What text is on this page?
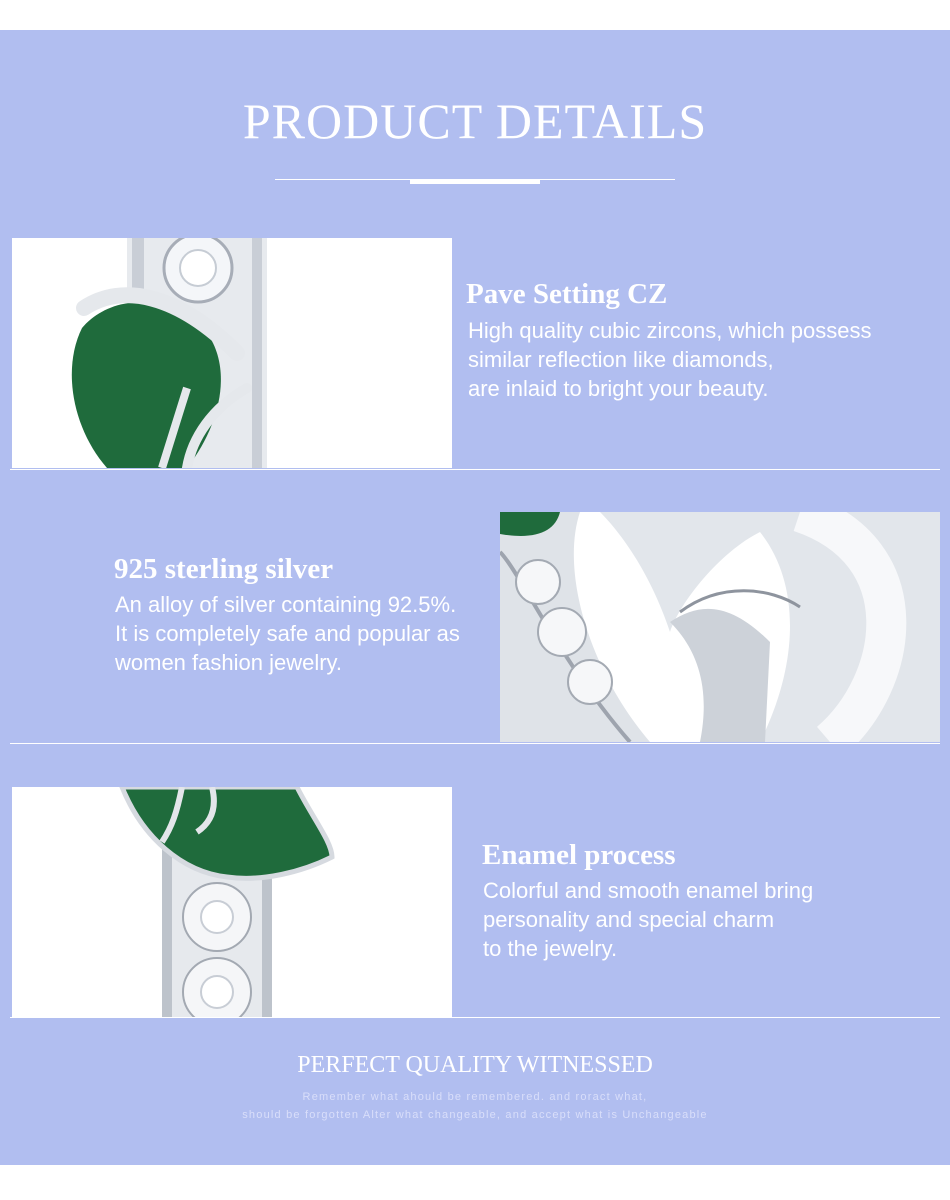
PRODUCT DETAILS
Pave Setting CZ
High quality cubic zircons, which possess
similar reflection like diamonds,
are inlaid to bright your beauty.
925 sterling silver
An alloy of silver containing 92.5%.
It is completely safe and popular as
women fashion jewelry.
Enamel process
Colorful and smooth enamel bring
personality and special charm
to the jewelry.
PERFECT QUALITY WITNESSED
Remember what ahould be remembered. and roract what,
should be forgotten Alter what changeable, and accept what is Unchangeable
